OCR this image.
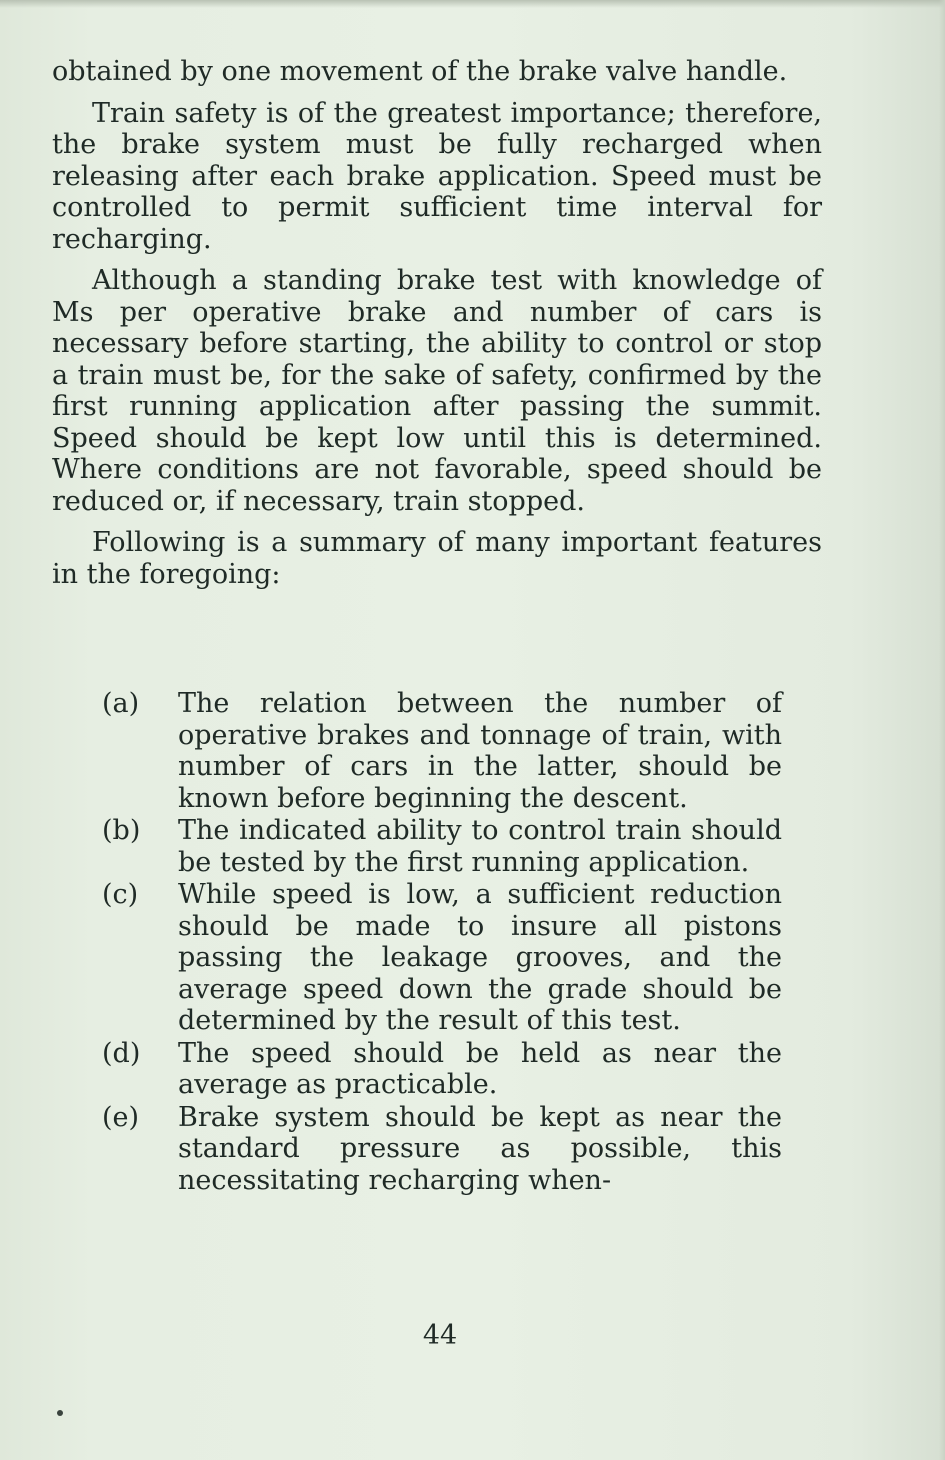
obtained by one movement of the brake valve handle.

Train safety is of the greatest importance; therefore, the brake system must be fully recharged when releasing after each brake application. Speed must be controlled to permit sufficient time interval for recharging.

Although a standing brake test with knowledge of Ms per operative brake and number of cars is necessary before starting, the ability to control or stop a train must be, for the sake of safety, confirmed by the first running application after passing the summit. Speed should be kept low until this is determined. Where conditions are not favorable, speed should be reduced or, if necessary, train stopped.

Following is a summary of many important features in the foregoing:

(a)	The relation between the number of operative brakes and tonnage of train, with number of cars in the latter, should be known before beginning the descent.
(b)	The indicated ability to control train should be tested by the first running application.
(c)	While speed is low, a sufficient reduction should be made to insure all pistons passing the leakage grooves, and the average speed down the grade should be determined by the result of this test.
(d)	The speed should be held as near the average as practicable.
(e)	Brake system should be kept as near the standard pressure as possible, this necessitating recharging when-
44
